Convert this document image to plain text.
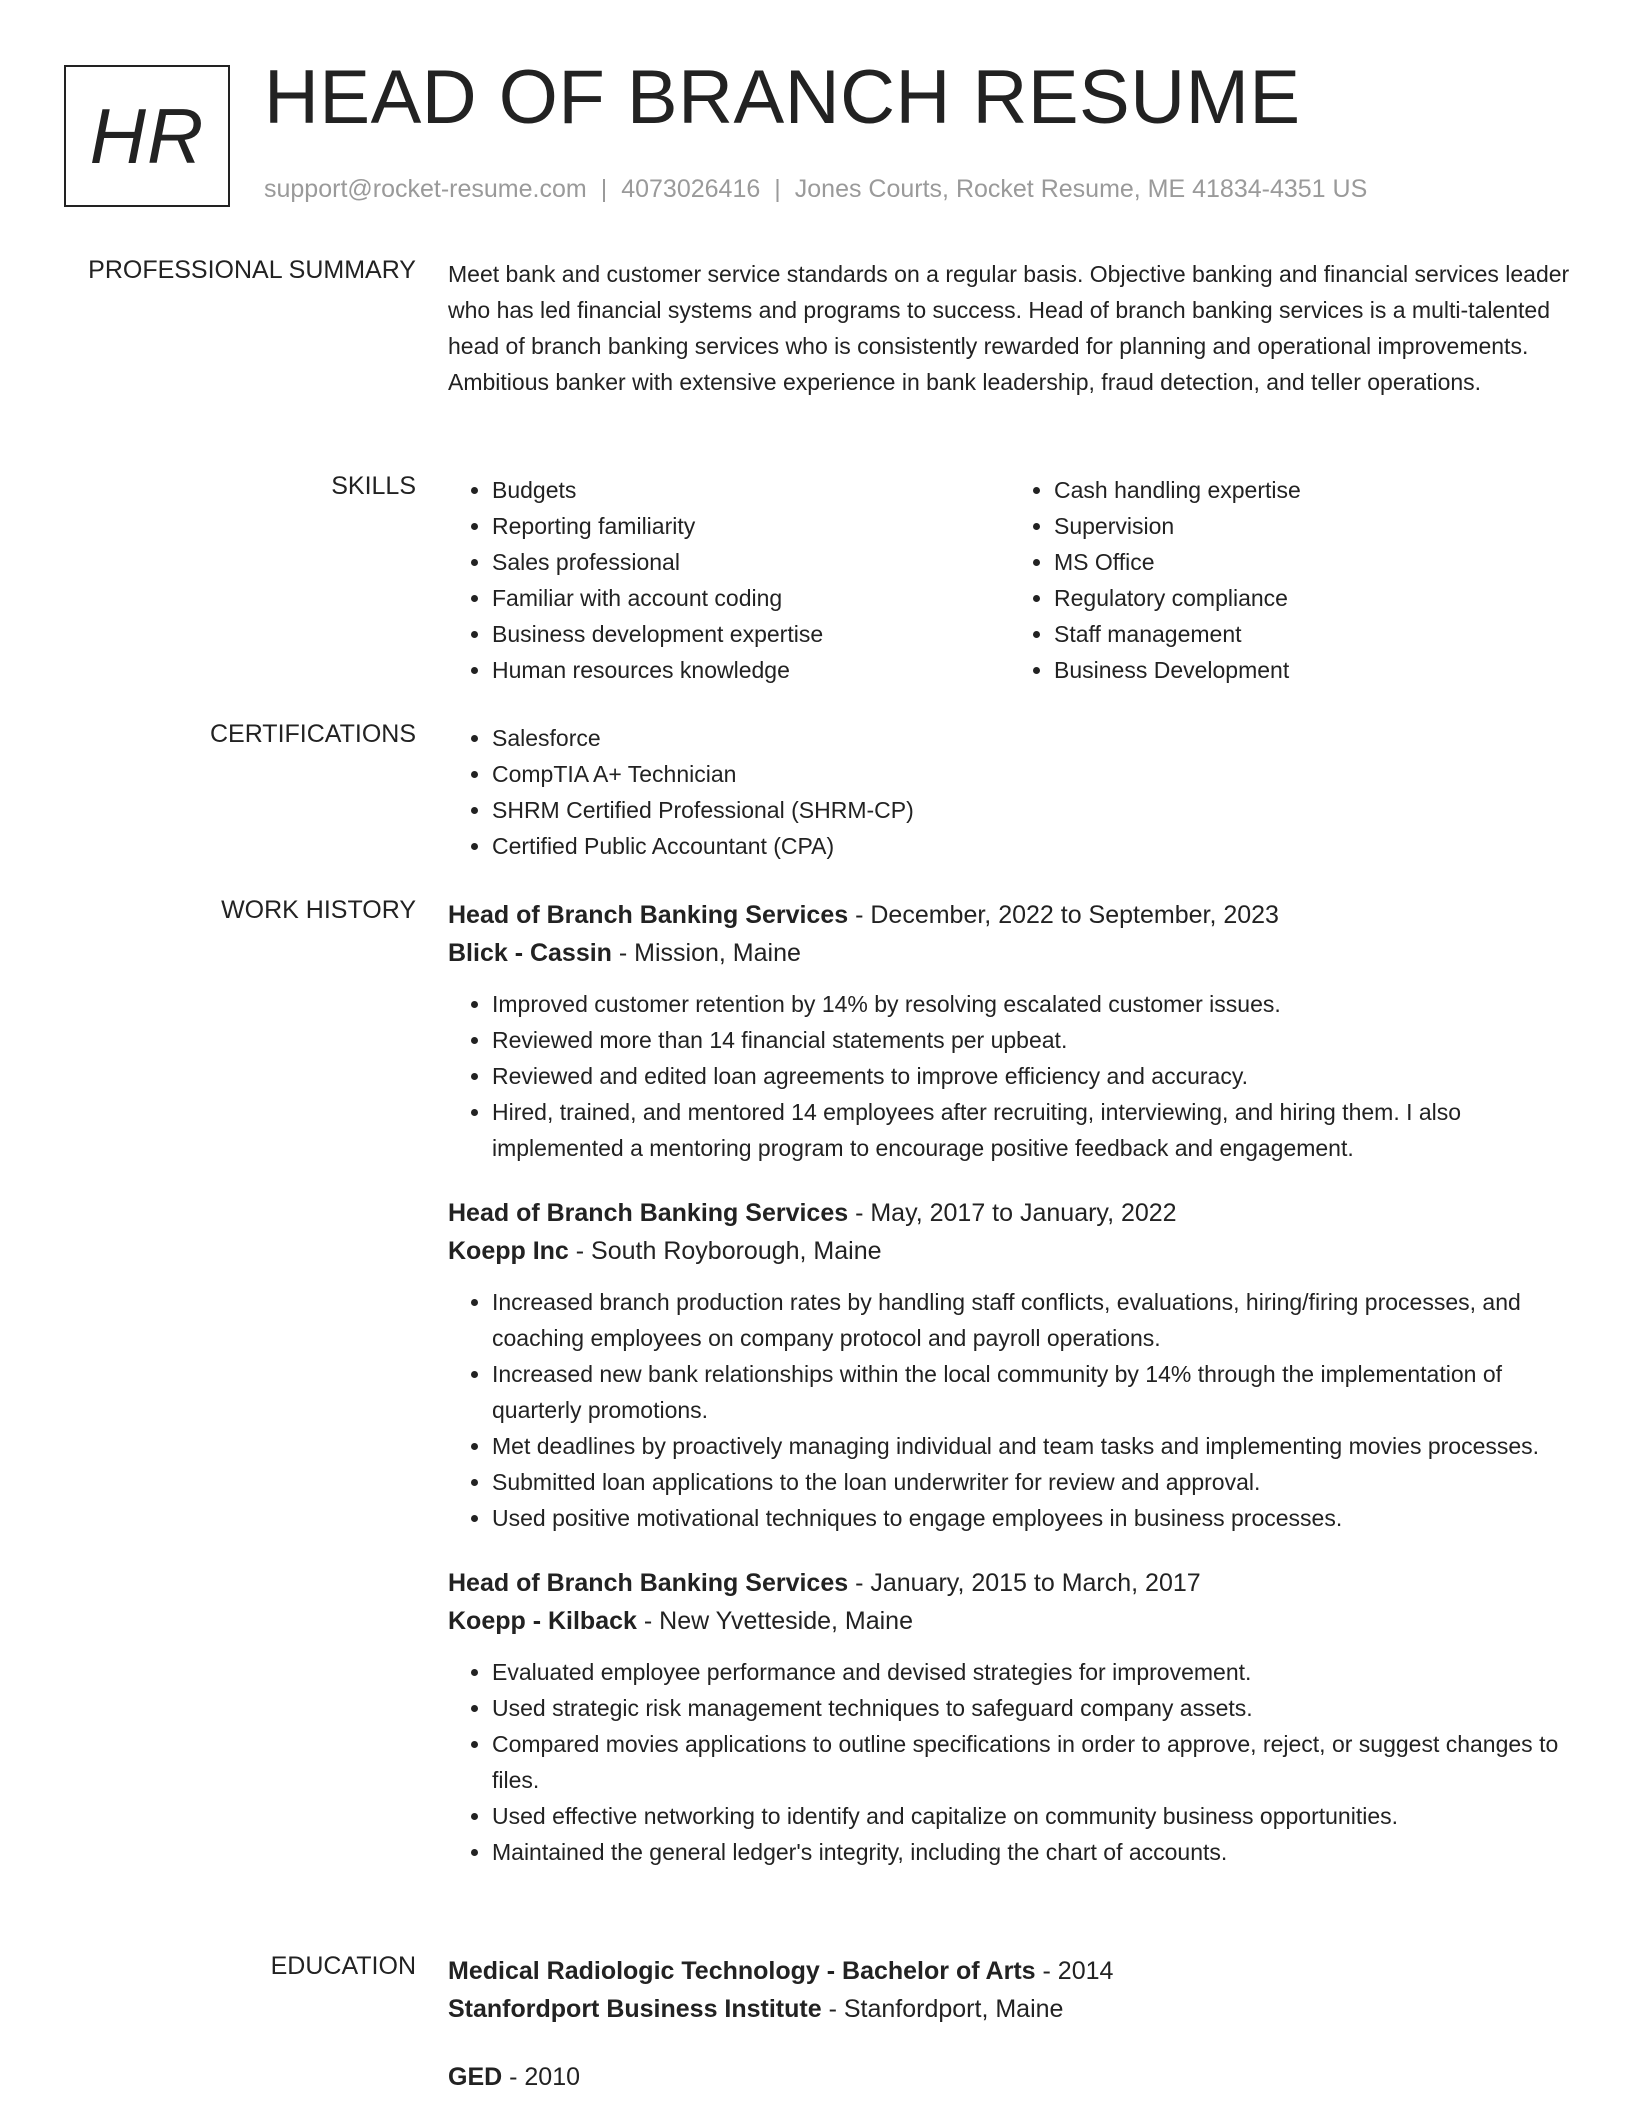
HR HEAD OF BRANCH RESUME
support@rocket-resume.com | 4073026416 | Jones Courts, Rocket Resume, ME 41834-4351 US
PROFESSIONAL SUMMARY Meet bank and customer service standards on a regular basis. Objective banking and financial services leader who has led financial systems and programs to success. Head of branch banking services is a multi-talented head of branch banking services who is consistently rewarded for planning and operational improvements. Ambitious banker with extensive experience in bank leadership, fraud detection, and teller operations.
SKILLS	• Budgets
• Reporting familiarity
• Sales professional
• Familiar with account coding
• Business development expertise
• Human resources knowledge
• Cash handling expertise
• Supervision
• MS Office
• Regulatory compliance
• Staff management
• Business Development
CERTIFICATIONS	• Salesforce
• CompTIA A+ Technician
• SHRM Certified Professional (SHRM-CP)
• Certified Public Accountant (CPA)
WORK HISTORY Head of Branch Banking Services - December, 2022 to September, 2023
Blick - Cassin - Mission, Maine
• Improved customer retention by 14% by resolving escalated customer issues.
• Reviewed more than 14 financial statements per upbeat.
• Reviewed and edited loan agreements to improve efficiency and accuracy.
• Hired, trained, and mentored 14 employees after recruiting, interviewing, and hiring them. I also implemented a mentoring program to encourage positive feedback and engagement.
Head of Branch Banking Services - May, 2017 to January, 2022
Koepp Inc - South Royborough, Maine
• Increased branch production rates by handling staff conflicts, evaluations, hiring/firing processes, and coaching employees on company protocol and payroll operations.
• Increased new bank relationships within the local community by 14% through the implementation of quarterly promotions.
• Met deadlines by proactively managing individual and team tasks and implementing movies processes.
• Submitted loan applications to the loan underwriter for review and approval.
• Used positive motivational techniques to engage employees in business processes.
Head of Branch Banking Services - January, 2015 to March, 2017
Koepp - Kilback - New Yvetteside, Maine
• Evaluated employee performance and devised strategies for improvement.
• Used strategic risk management techniques to safeguard company assets.
• Compared movies applications to outline specifications in order to approve, reject, or suggest changes to files.
• Used effective networking to identify and capitalize on community business opportunities.
• Maintained the general ledger's integrity, including the chart of accounts.
EDUCATION Medical Radiologic Technology - Bachelor of Arts - 2014
Stanfordport Business Institute - Stanfordport, Maine
GED - 2010
